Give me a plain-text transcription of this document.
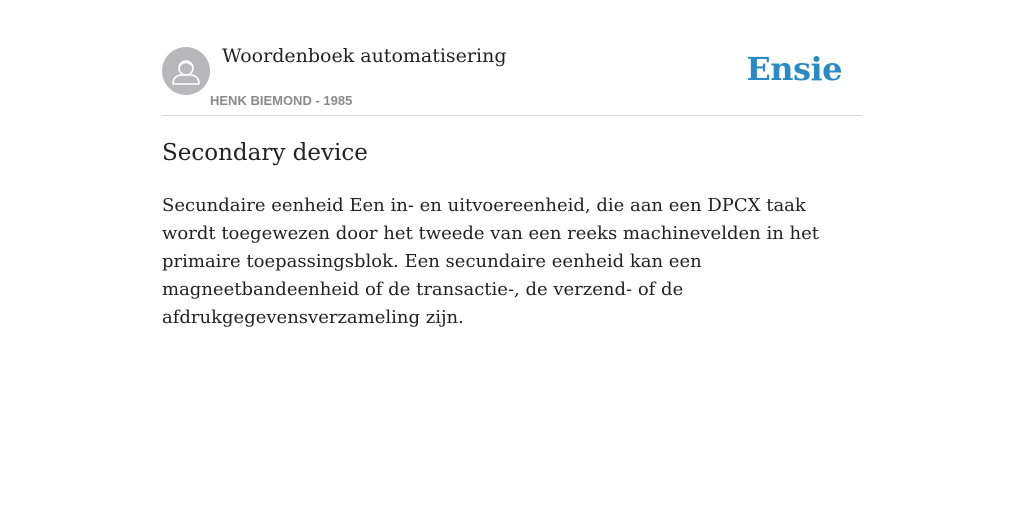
Woordenboek automatisering
HENK BIEMOND - 1985
Ensie
Secondary device

Secundaire eenheid Een in- en uitvoereenheid, die aan een DPCX taak wordt toegewezen door het tweede van een reeks machinevelden in het primaire toepassingsblok. Een secundaire eenheid kan een magneetbandeenheid of de transactie-, de verzend- of de afdrukgegevensverzameling zijn.
